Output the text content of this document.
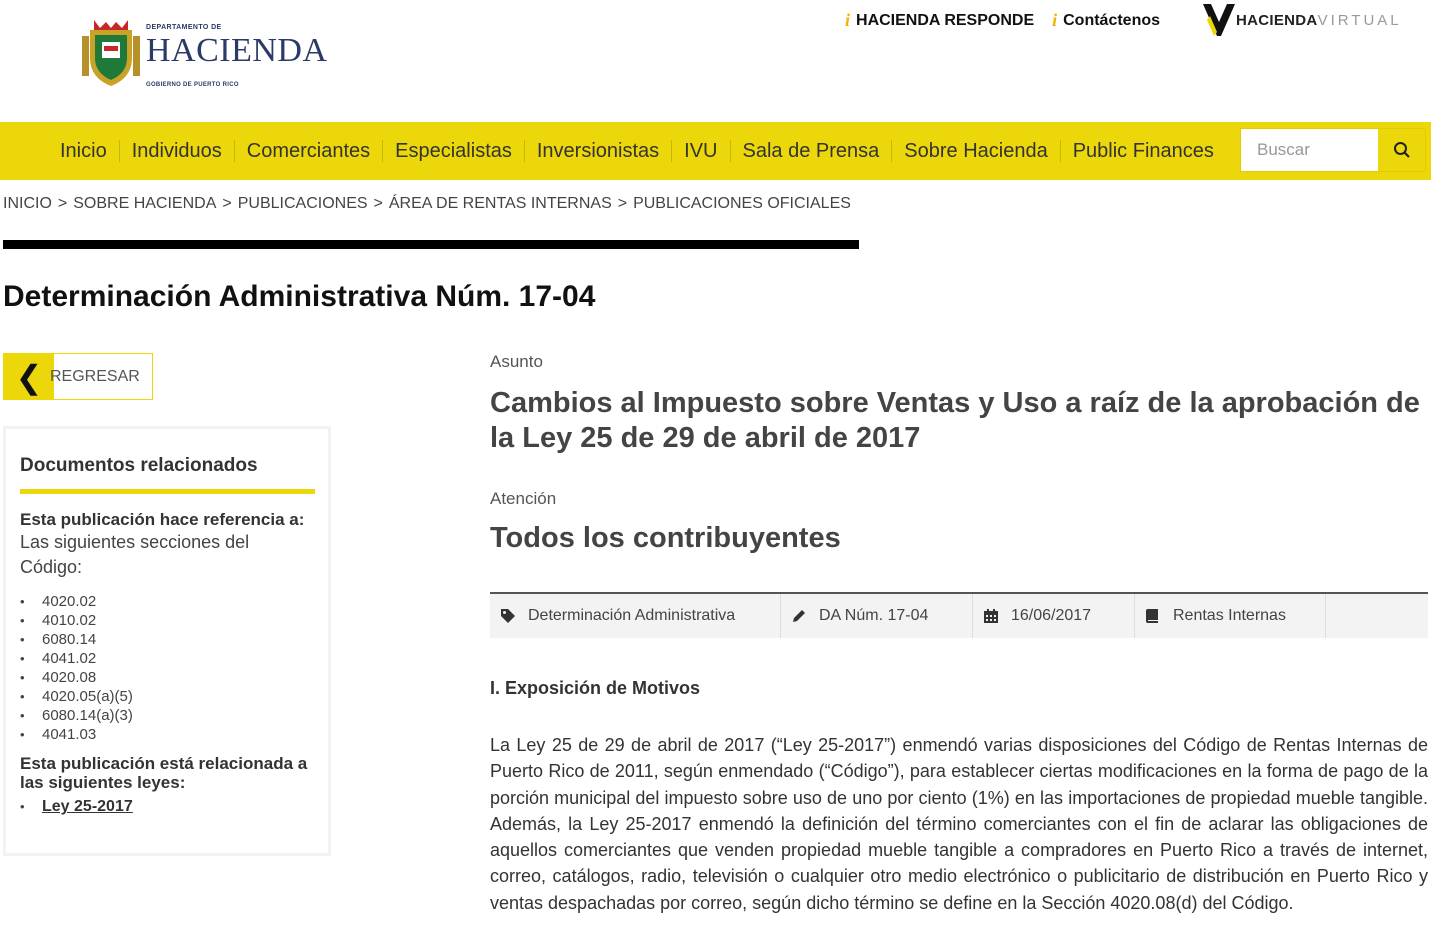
DEPARTAMENTO DE
HACIENDA
GOBIERNO DE PUERTO RICO
i HACIENDA RESPONDE i Contáctenos	HACIENDAVIRTUAL
Inicio	Individuos	Comerciantes	Especialistas	Inversionistas	IVU	Sala de Prensa	Sobre Hacienda	Public Finances
Buscar
INICIO > SOBRE HACIENDA > PUBLICACIONES > ÁREA DE RENTAS INTERNAS > PUBLICACIONES OFICIALES
Determinación Administrativa Núm. 17-04
❮ REGRESAR
Documentos relacionados
Esta publicación hace referencia a:
Las siguientes secciones del Código:
• 4020.02
• 4010.02
• 6080.14
• 4041.02
• 4020.08
• 4020.05(a)(5)
• 6080.14(a)(3)
• 4041.03
Esta publicación está relacionada a las siguientes leyes:
• Ley 25-2017
Asunto
Cambios al Impuesto sobre Ventas y Uso a raíz de la aprobación de la Ley 25 de 29 de abril de 2017
Atención
Todos los contribuyentes
Determinación Administrativa	DA Núm. 17-04	16/06/2017	Rentas Internas
I. Exposición de Motivos

La Ley 25 de 29 de abril de 2017 (“Ley 25-2017”) enmendó varias disposiciones del Código de Rentas Internas de Puerto Rico de 2011, según enmendado (“Código”), para establecer ciertas modificaciones en la forma de pago de la porción municipal del impuesto sobre uso de uno por ciento (1%) en las importaciones de propiedad mueble tangible. Además, la Ley 25-2017 enmendó la definición del término comerciantes con el fin de aclarar las obligaciones de aquellos comerciantes que venden propiedad mueble tangible a compradores en Puerto Rico a través de internet, correo, catálogos, radio, televisión o cualquier otro medio electrónico o publicitario de distribución en Puerto Rico y ventas despachadas por correo, según dicho término se define en la Sección 4020.08(d) del Código.
